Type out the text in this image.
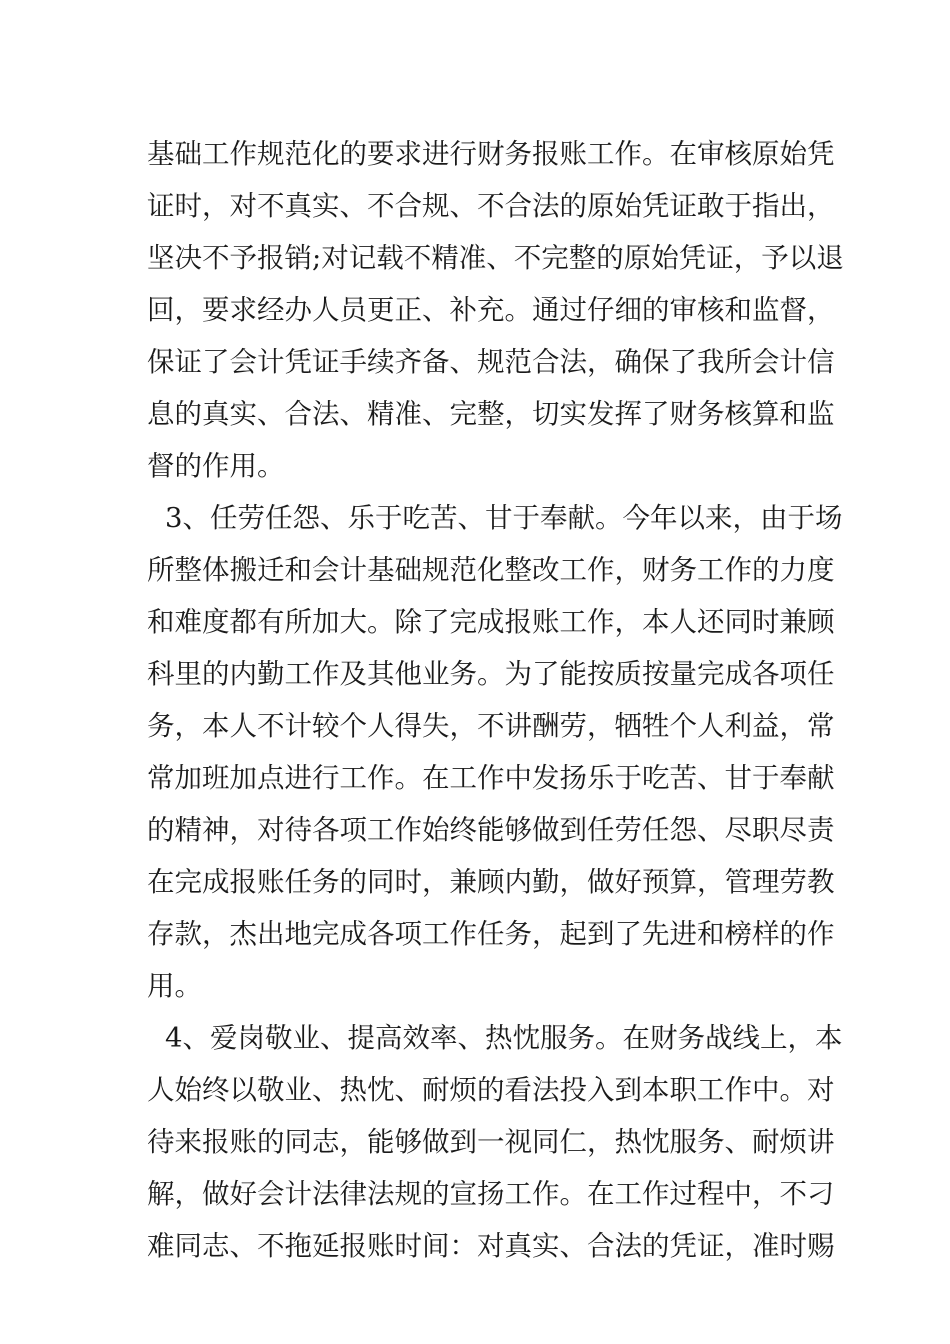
基础工作规范化的要求进行财务报账工作。在审核原始凭
证时，对不真实、不合规、不合法的原始凭证敢于指出，
坚决不予报销;对记载不精准、不完整的原始凭证，予以退
回，要求经办人员更正、补充。通过仔细的审核和监督，
保证了会计凭证手续齐备、规范合法，确保了我所会计信
息的真实、合法、精准、完整，切实发挥了财务核算和监
督的作用。
3、任劳任怨、乐于吃苦、甘于奉献。今年以来，由于场
所整体搬迁和会计基础规范化整改工作，财务工作的力度
和难度都有所加大。除了完成报账工作，本人还同时兼顾
科里的内勤工作及其他业务。为了能按质按量完成各项任
务，本人不计较个人得失，不讲酬劳，牺牲个人利益，常
常加班加点进行工作。在工作中发扬乐于吃苦、甘于奉献
的精神，对待各项工作始终能够做到任劳任怨、尽职尽责
在完成报账任务的同时，兼顾内勤，做好预算，管理劳教
存款，杰出地完成各项工作任务，起到了先进和榜样的作
用。
4、爱岗敬业、提高效率、热忱服务。在财务战线上，本
人始终以敬业、热忱、耐烦的看法投入到本职工作中。对
待来报账的同志，能够做到一视同仁，热忱服务、耐烦讲
解，做好会计法律法规的宣扬工作。在工作过程中，不刁
难同志、不拖延报账时间：对真实、合法的凭证，准时赐
